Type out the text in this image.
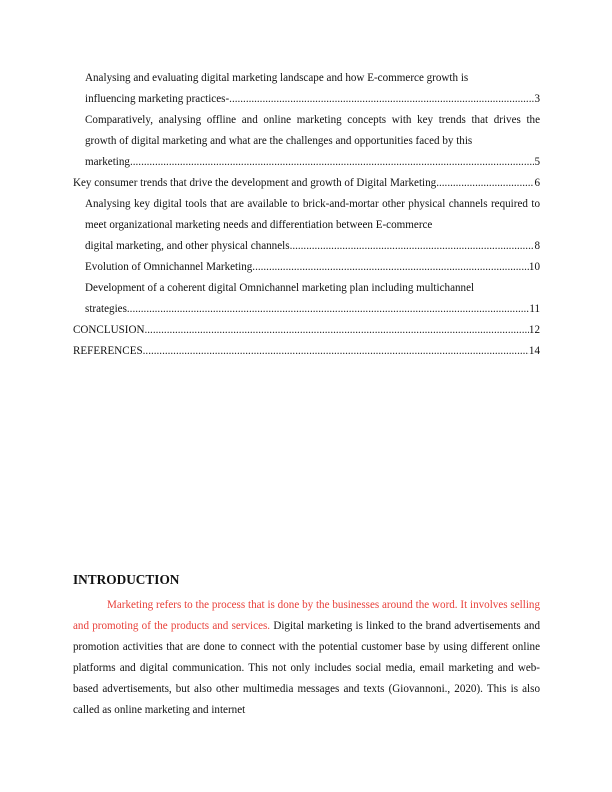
Analysing and evaluating digital marketing landscape and how E-commerce growth is
influencing marketing practices- .....	3
Comparatively, analysing offline and online marketing concepts with key trends that drives the growth of digital marketing and what are the challenges and opportunities faced by this
marketing .....	5
Key consumer trends that drive the development and growth of Digital Marketing .....	6
Analysing key digital tools that are available to brick-and-mortar other physical channels required to meet organizational marketing needs and differentiation between E-commerce
digital marketing, and other physical channels .....	8
Evolution of Omnichannel Marketing .....	10
Development of a coherent digital Omnichannel marketing plan including multichannel
strategies .....	11
CONCLUSION .....	12
REFERENCES .....	14
INTRODUCTION

Marketing refers to the process that is done by the businesses around the word. It involves selling and promoting of the products and services. Digital marketing is linked to the brand advertisements and promotion activities that are done to connect with the potential customer base by using different online platforms and digital communication. This not only includes social media, email marketing and web-based advertisements, but also other multimedia messages and texts (Giovannoni., 2020). This is also called as online marketing and internet
